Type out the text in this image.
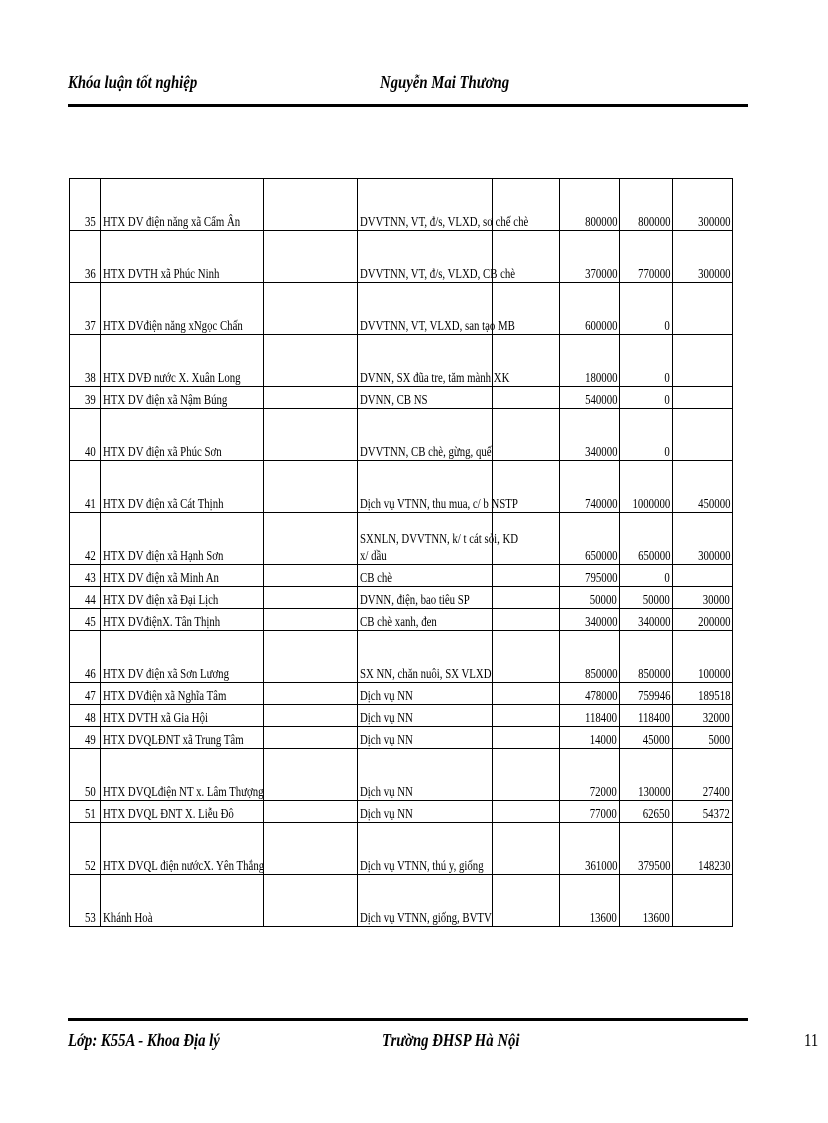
Khóa luận tốt nghiệp	Nguyễn Mai Thương
35	HTX DV điện năng xã Cẩm Ân		DVVTNN, VT, đ/s, VLXD, sơ chế chè		800000	800000	300000
36	HTX DVTH xã Phúc Ninh		DVVTNN, VT, đ/s, VLXD, CB chè		370000	770000	300000
37	HTX DVđiện năng xNgọc Chấn		DVVTNN, VT, VLXD, san tạo MB		600000	0	
38	HTX DVĐ nước X. Xuân Long		DVNN, SX đũa tre, tăm mành XK		180000	0	
39	HTX DV điện xã Nậm Búng		DVNN, CB NS		540000	0	
40	HTX DV điện xã Phúc Sơn		DVVTNN, CB chè, gừng, quế		340000	0	
41	HTX DV điện xã Cát Thịnh		Dịch vụ VTNN, thu mua, c/ b NSTP		740000	1000000	450000
42	HTX DV điện xã Hạnh Sơn		SXNLN, DVVTNN, k/ t cát sỏi, KD x/ dầu		650000	650000	300000
43	HTX DV điện xã Minh An		CB chè		795000	0	
44	HTX DV điện xã Đại Lịch		DVNN, điện, bao tiêu SP		50000	50000	30000
45	HTX DVđiệnX. Tân Thịnh		CB chè xanh, đen		340000	340000	200000
46	HTX DV điện xã Sơn Lương		SX NN, chăn nuôi, SX VLXD		850000	850000	100000
47	HTX DVđiện xã Nghĩa Tâm		Dịch vụ NN		478000	759946	189518
48	HTX DVTH xã Gia Hội		Dịch vụ NN		118400	118400	32000
49	HTX DVQLĐNT xã Trung Tâm		Dịch vụ NN		14000	45000	5000
50	HTX DVQLđiện NT x. Lâm Thượng		Dịch vụ NN		72000	130000	27400
51	HTX DVQL ĐNT X. Liễu Đô		Dịch vụ NN		77000	62650	54372
52	HTX DVQL điện nướcX. Yên Thắng		Dịch vụ VTNN, thú y, giống		361000	379500	148230
53	Khánh Hoà		Dịch vụ VTNN, giống, BVTV		13600	13600	
Lớp: K55A - Khoa Địa lý	Trường ĐHSP Hà Nội	11
